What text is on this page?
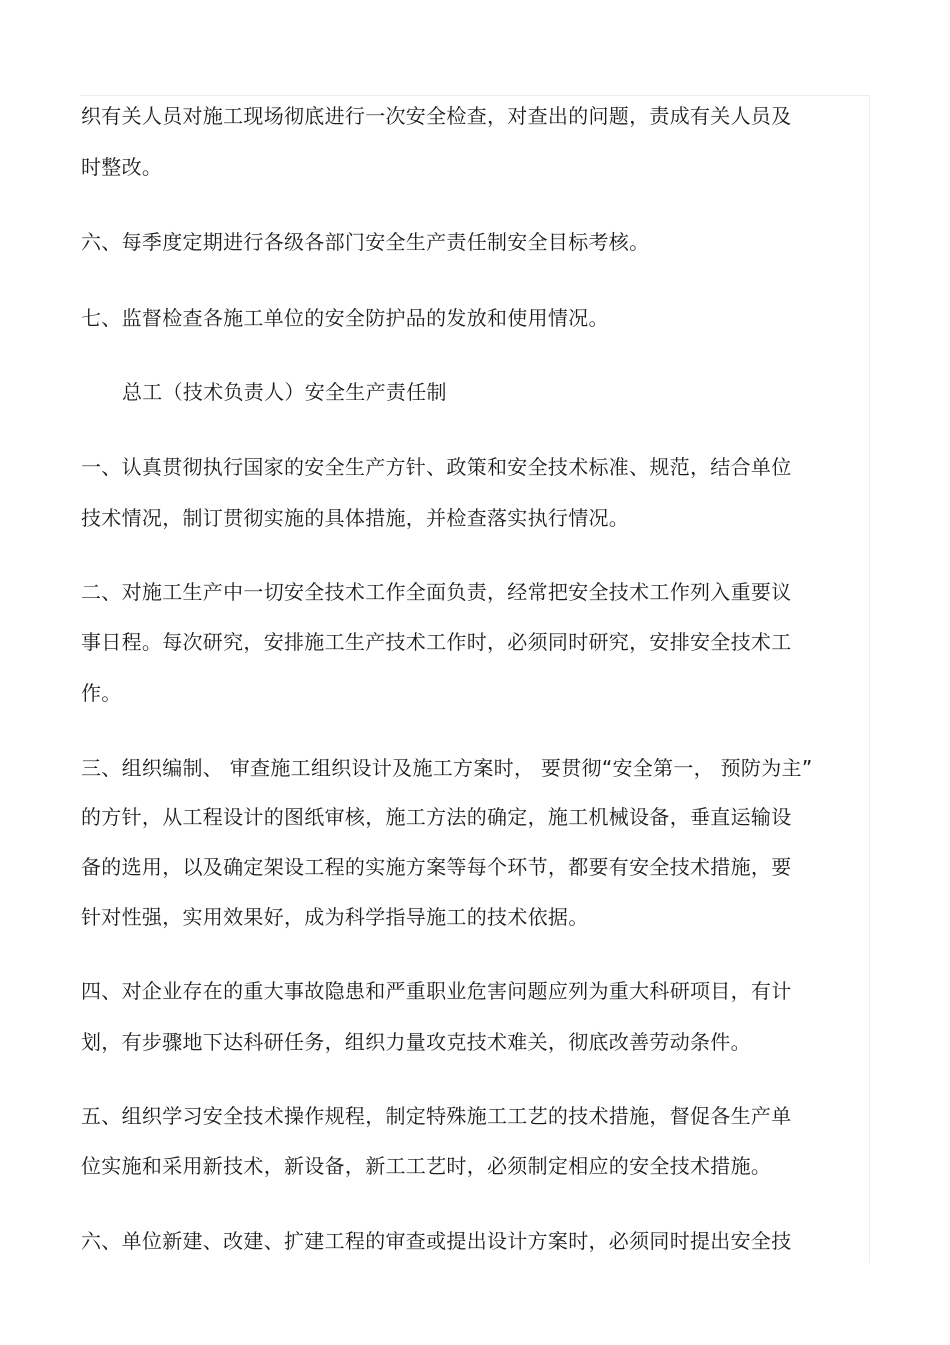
织有关人员对施工现场彻底进行一次安全检查，对查出的问题，责成有关人员及
时整改。
六、每季度定期进行各级各部门安全生产责任制安全目标考核。
七、监督检查各施工单位的安全防护品的发放和使用情况。
总工（技术负责人）安全生产责任制
一、认真贯彻执行国家的安全生产方针、政策和安全技术标准、规范，结合单位
技术情况，制订贯彻实施的具体措施，并检查落实执行情况。
二、对施工生产中一切安全技术工作全面负责，经常把安全技术工作列入重要议
事日程。每次研究，安排施工生产技术工作时，必须同时研究，安排安全技术工
作。
三、组织编制、 审查施工组织设计及施工方案时， 要贯彻“安全第一， 预防为主”
的方针，从工程设计的图纸审核，施工方法的确定，施工机械设备，垂直运输设
备的选用，以及确定架设工程的实施方案等每个环节，都要有安全技术措施，要
针对性强，实用效果好，成为科学指导施工的技术依据。
四、对企业存在的重大事故隐患和严重职业危害问题应列为重大科研项目，有计
划，有步骤地下达科研任务，组织力量攻克技术难关，彻底改善劳动条件。
五、组织学习安全技术操作规程，制定特殊施工工艺的技术措施，督促各生产单
位实施和采用新技术，新设备，新工工艺时，必须制定相应的安全技术措施。
六、单位新建、改建、扩建工程的审查或提出设计方案时，必须同时提出安全技
